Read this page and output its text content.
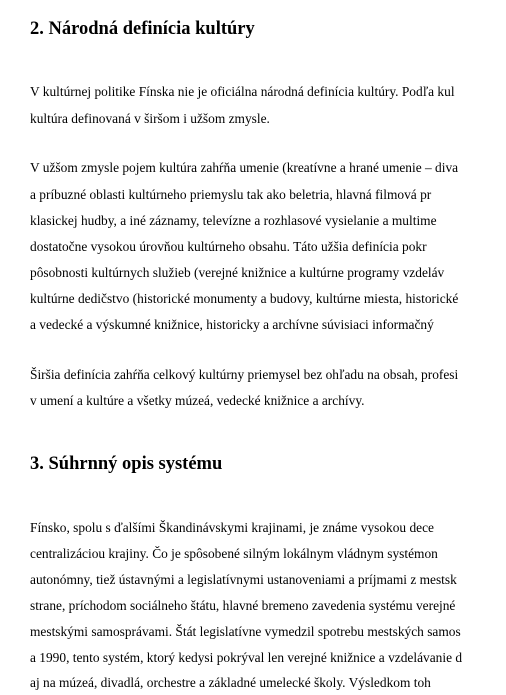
2. Národná definícia kultúry

V kultúrnej politike Fínska nie je oficiálna národná definícia kultúry. Podľa kul

kultúra definovaná v širšom i užšom zmysle.

V užšom zmysle pojem kultúra zahŕňa umenie (kreatívne a hrané umenie – diva

a príbuzné oblasti kultúrneho priemyslu tak ako beletria, hlavná filmová pr

klasickej hudby, a iné záznamy, televízne a rozhlasové vysielanie a multime

dostatočne vysokou úrovňou kultúrneho obsahu. Táto užšia definícia pokr

pôsobnosti kultúrnych služieb (verejné knižnice a kultúrne programy vzdeláv

kultúrne dedičstvo (historické monumenty a budovy, kultúrne miesta, historické

a vedecké a výskumné knižnice, historicky a archívne súvisiaci informačný

Širšia definícia zahŕňa celkový kultúrny priemysel bez ohľadu na obsah, profesi

v umení a kultúre a všetky múzeá, vedecké knižnice a archívy.

3. Súhrnný opis systému

Fínsko, spolu s ďalšími Škandinávskymi krajinami, je známe vysokou dece

centralizáciou krajiny. Čo je spôsobené silným lokálnym vládnym systémon

autonómny, tiež ústavnými a legislatívnymi ustanoveniami a príjmami z mestsk

strane, príchodom sociálneho štátu, hlavné bremeno zavedenia systému verejné

mestskými samosprávami. Štát legislatívne vymedzil spotrebu mestských samos

a 1990, tento systém, ktorý kedysi pokrýval len verejné knižnice a vzdelávanie d

aj na múzeá, divadlá, orchestre a základné umelecké školy. Výsledkom toh
